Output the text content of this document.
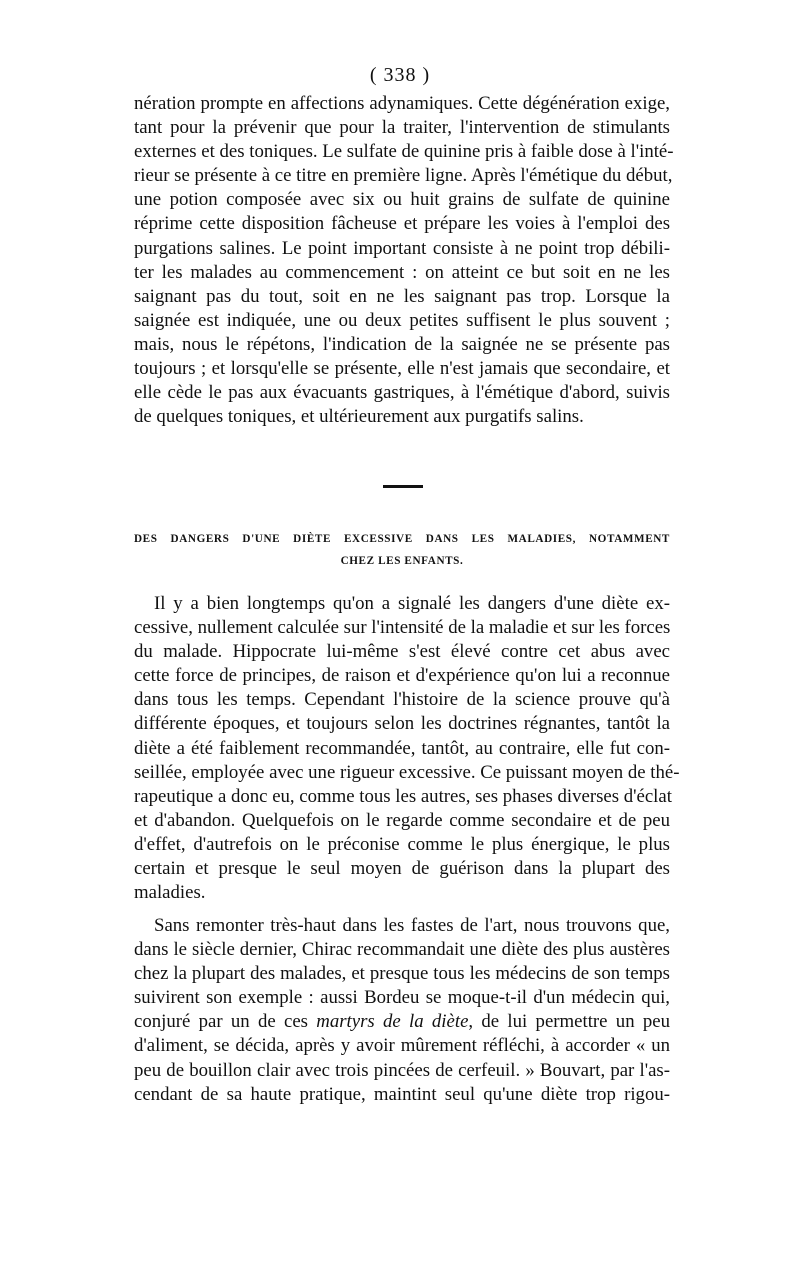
( 338 )
nération prompte en affections adynamiques. Cette dégénération exige,
tant pour la prévenir que pour la traiter, l'intervention de stimulants
externes et des toniques. Le sulfate de quinine pris à faible dose à l'inté-
rieur se présente à ce titre en première ligne. Après l'émétique du début,
une potion composée avec six ou huit grains de sulfate de quinine
réprime cette disposition fâcheuse et prépare les voies à l'emploi des
purgations salines. Le point important consiste à ne point trop débili-
ter les malades au commencement : on atteint ce but soit en ne les
saignant pas du tout, soit en ne les saignant pas trop. Lorsque la
saignée est indiquée, une ou deux petites suffisent le plus souvent ;
mais, nous le répétons, l'indication de la saignée ne se présente pas
toujours ; et lorsqu'elle se présente, elle n'est jamais que secondaire, et
elle cède le pas aux évacuants gastriques, à l'émétique d'abord, suivis
de quelques toniques, et ultérieurement aux purgatifs salins.
DES DANGERS D'UNE DIÈTE EXCESSIVE DANS LES MALADIES, NOTAMMENT
CHEZ LES ENFANTS.
Il y a bien longtemps qu'on a signalé les dangers d'une diète ex-
cessive, nullement calculée sur l'intensité de la maladie et sur les forces
du malade. Hippocrate lui-même s'est élevé contre cet abus avec
cette force de principes, de raison et d'expérience qu'on lui a reconnue
dans tous les temps. Cependant l'histoire de la science prouve qu'à
différente époques, et toujours selon les doctrines régnantes, tantôt la
diète a été faiblement recommandée, tantôt, au contraire, elle fut con-
seillée, employée avec une rigueur excessive. Ce puissant moyen de thé-
rapeutique a donc eu, comme tous les autres, ses phases diverses d'éclat
et d'abandon. Quelquefois on le regarde comme secondaire et de peu
d'effet, d'autrefois on le préconise comme le plus énergique, le plus
certain et presque le seul moyen de guérison dans la plupart des
maladies.
Sans remonter très-haut dans les fastes de l'art, nous trouvons que,
dans le siècle dernier, Chirac recommandait une diète des plus austères
chez la plupart des malades, et presque tous les médecins de son temps
suivirent son exemple : aussi Bordeu se moque-t-il d'un médecin qui,
conjuré par un de ces martyrs de la diète, de lui permettre un peu
d'aliment, se décida, après y avoir mûrement réfléchi, à accorder « un
peu de bouillon clair avec trois pincées de cerfeuil. » Bouvart, par l'as-
cendant de sa haute pratique, maintint seul qu'une diète trop rigou-
